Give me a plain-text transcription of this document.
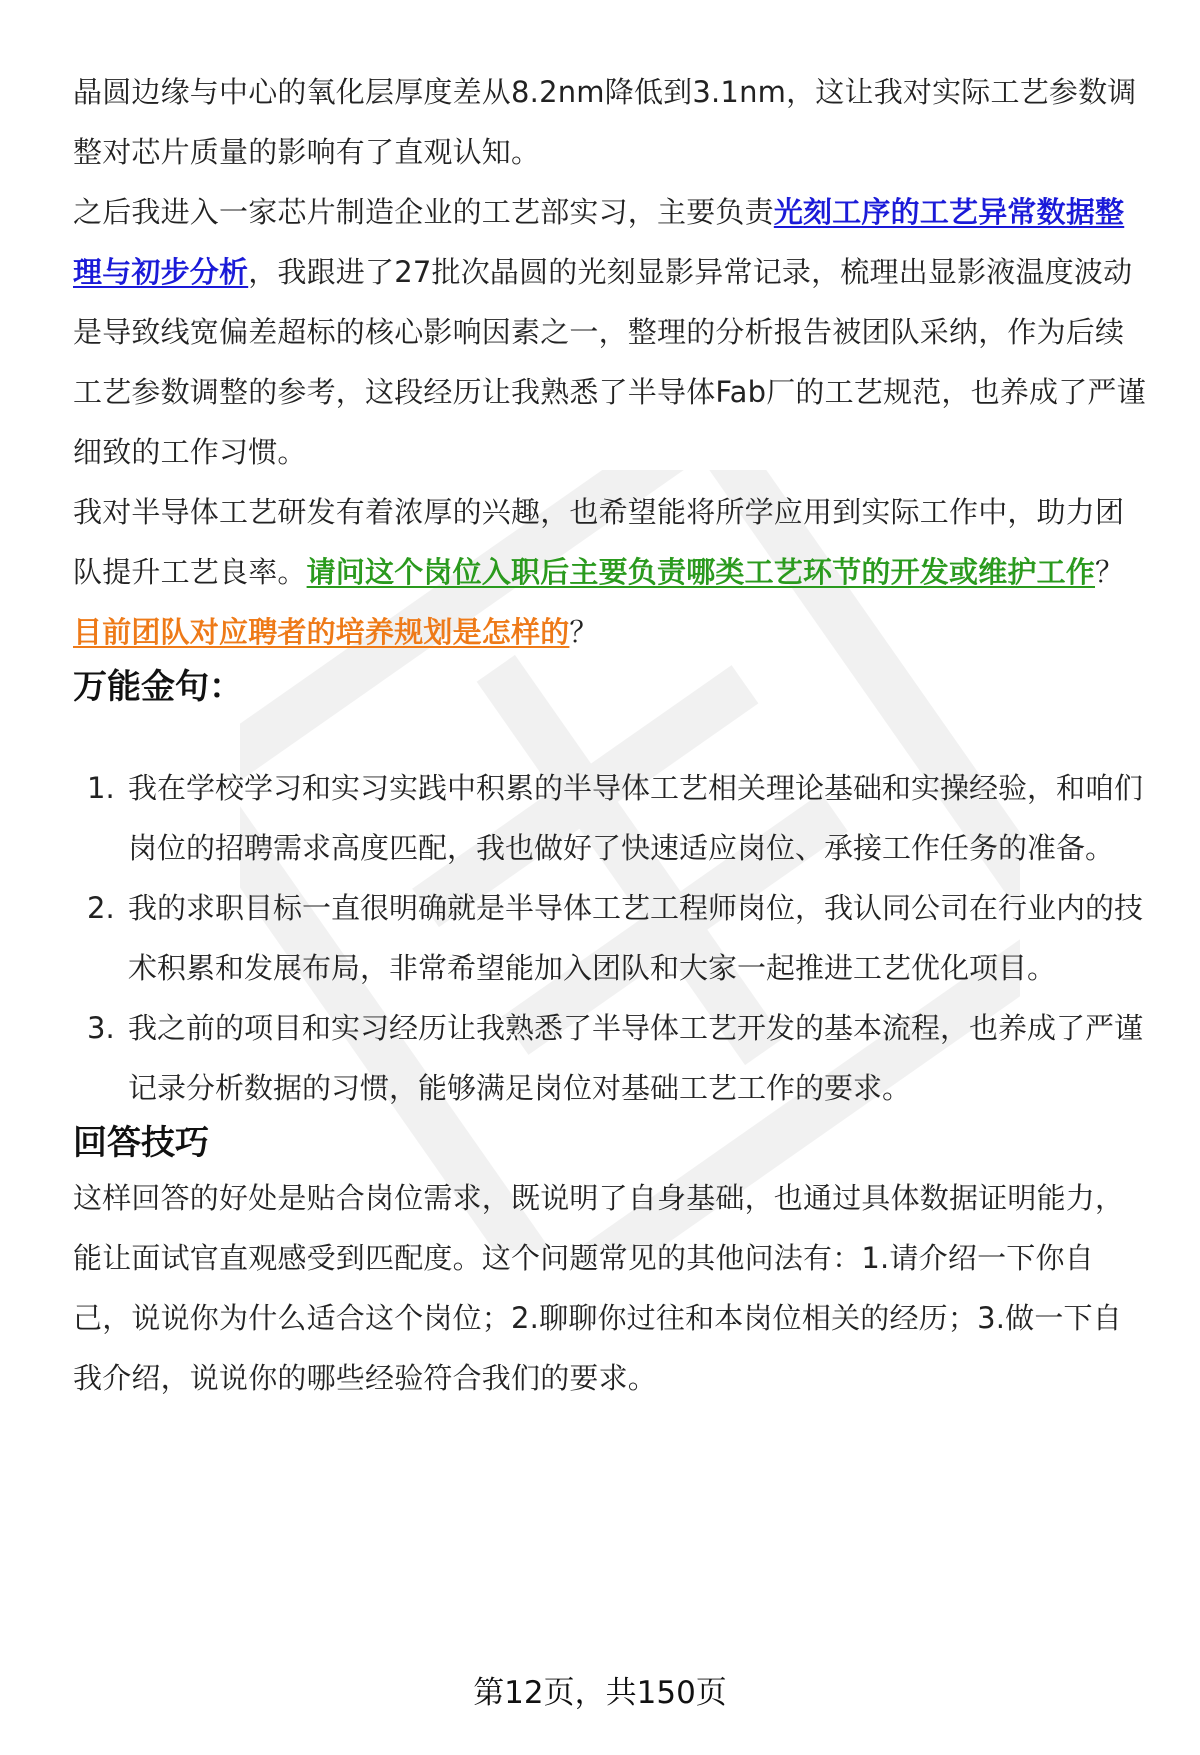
晶圆边缘与中心的氧化层厚度差从8.2nm降低到3.1nm，这让我对实际工艺参数调整对芯片质量的影响有了直观认知。

之后我进入一家芯片制造企业的工艺部实习，主要负责光刻工序的工艺异常数据整理与初步分析，我跟进了27批次晶圆的光刻显影异常记录，梳理出显影液温度波动是导致线宽偏差超标的核心影响因素之一，整理的分析报告被团队采纳，作为后续工艺参数调整的参考，这段经历让我熟悉了半导体Fab厂的工艺规范，也养成了严谨细致的工作习惯。

我对半导体工艺研发有着浓厚的兴趣，也希望能将所学应用到实际工作中，助力团队提升工艺良率。请问这个岗位入职后主要负责哪类工艺环节的开发或维护工作？目前团队对应聘者的培养规划是怎样的？

万能金句：
1. 我在学校学习和实习实践中积累的半导体工艺相关理论基础和实操经验，和咱们岗位的招聘需求高度匹配，我也做好了快速适应岗位、承接工作任务的准备。
2. 我的求职目标一直很明确就是半导体工艺工程师岗位，我认同公司在行业内的技术积累和发展布局，非常希望能加入团队和大家一起推进工艺优化项目。
3. 我之前的项目和实习经历让我熟悉了半导体工艺开发的基本流程，也养成了严谨记录分析数据的习惯，能够满足岗位对基础工艺工作的要求。
回答技巧

这样回答的好处是贴合岗位需求，既说明了自身基础，也通过具体数据证明能力，能让面试官直观感受到匹配度。这个问题常见的其他问法有：1.请介绍一下你自己，说说你为什么适合这个岗位；2.聊聊你过往和本岗位相关的经历；3.做一下自我介绍，说说你的哪些经验符合我们的要求。

第12页，共150页
